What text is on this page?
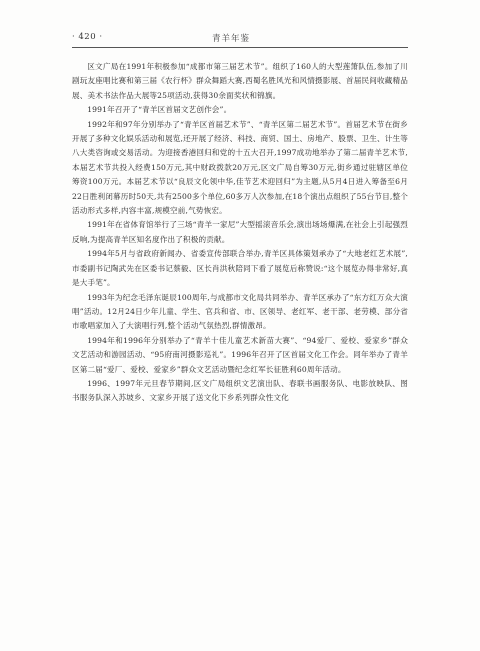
· 420 ·	青羊年鉴

区文广局在1991年积极参加“成都市第三届艺术节”。组织了160人的大型莲箫队伍,参加了川剧玩友座唱比赛和第三届《农行杯》群众舞蹈大赛,西蜀名胜风光和风情摄影展、首届民间收藏精品展、美术书法作品大展等25项活动,获得30余面奖状和锦旗。

1991年召开了“青羊区首届文艺创作会”。

1992年和97年分别举办了“青羊区首届艺术节”、“青羊区第二届艺术节”。首届艺术节在街乡开展了多种文化娱乐活动和展览,还开展了经济、科技、商贸、国土、房地产、股票、卫生、计生等八大类咨询或交易活动。为迎接香港回归和党的十五大召开,1997成功地举办了第二届青羊艺术节,本届艺术节共投入经费150万元,其中财政拨款20万元,区文广局自筹30万元,街乡通过驻辖区单位筹资100万元。本届艺术节以“良辰文化领中华,佳节艺术迎回归”为主题,从5月4日进入筹备至6月22日胜利闭幕历时50天,共有2500多个单位,60多万人次参加,在18个演出点组织了55台节目,整个活动形式多样,内容丰富,规模空前,气势恢宏。

1991年在省体育馆举行了三场“青羊一家尼”大型摇滚音乐会,演出场场爆满,在社会上引起强烈反响,为提高青羊区知名度作出了积极的贡献。

1994年5月与省政府新闻办、省委宣传部联合举办,青羊区具体策划承办了“大地老红艺术展”,市委副书记陶武先在区委书记蔡毅、区长肖洪秋陪同下看了展览后称赞说:“这个展览办得非常好,真是大手笔”。

1993年为纪念毛泽东诞辰100周年,与成都市文化局共同举办、青羊区承办了“东方红万众大演唱”活动。12月24日少年儿童、学生、官兵和省、市、区领导、老红军、老干部、老劳模、部分省市歌唱家加入了大演唱行列,整个活动气氛热烈,群情激昂。

1994年和1996年分别举办了“青羊十佳儿童艺术新苗大赛”、“94爱厂、爱校、爱家乡”群众文艺活动和游园活动、“95府南河摄影巡礼”。1996年召开了区首届文化工作会。同年举办了青羊区第二届“爱厂、爱校、爱家乡”群众文艺活动暨纪念红军长征胜利60周年活动。

1996、1997年元旦春节期间,区文广局组织文艺演出队、春联书画服务队、电影放映队、图书服务队深入苏坡乡、文家乡开展了送文化下乡系列群众性文化
